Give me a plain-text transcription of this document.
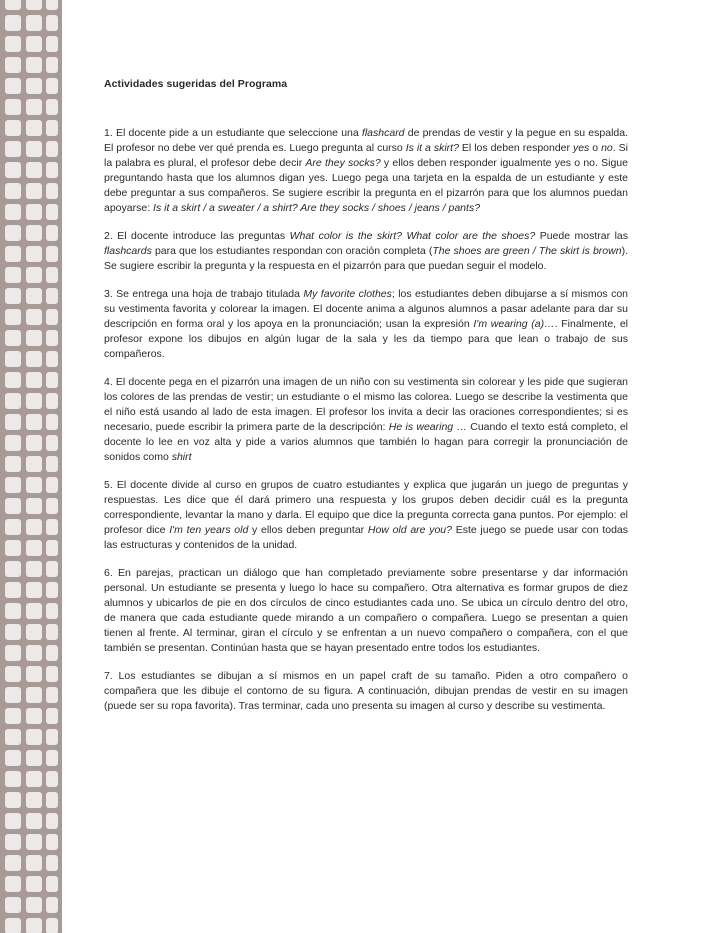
Actividades sugeridas del Programa

1. El docente pide a un estudiante que seleccione una flashcard de prendas de vestir y la pegue en su espalda. El profesor no debe ver qué prenda es. Luego pregunta al curso Is it a skirt? El los deben responder yes o no. Si la palabra es plural, el profesor debe decir Are they socks? y ellos deben responder igualmente yes o no. Sigue preguntando hasta que los alumnos digan yes. Luego pega una tarjeta en la espalda de un estudiante y este debe preguntar a sus compañeros. Se sugiere escribir la pregunta en el pizarrón para que los alumnos puedan apoyarse: Is it a skirt / a sweater / a shirt? Are they socks / shoes / jeans / pants?

2. El docente introduce las preguntas What color is the skirt? What color are the shoes? Puede mostrar las flashcards para que los estudiantes respondan con oración completa (The shoes are green / The skirt is brown). Se sugiere escribir la pregunta y la respuesta en el pizarrón para que puedan seguir el modelo.

3. Se entrega una hoja de trabajo titulada My favorite clothes; los estudiantes deben dibujarse a sí mismos con su vestimenta favorita y colorear la imagen. El docente anima a algunos alumnos a pasar adelante para dar su descripción en forma oral y los apoya en la pronunciación; usan la expresión I'm wearing (a)…. Finalmente, el profesor expone los dibujos en algún lugar de la sala y les da tiempo para que lean o trabajo de sus compañeros.

4. El docente pega en el pizarrón una imagen de un niño con su vestimenta sin colorear y les pide que sugieran los colores de las prendas de vestir; un estudiante o el mismo las colorea. Luego se describe la vestimenta que el niño está usando al lado de esta imagen. El profesor los invita a decir las oraciones correspondientes; si es necesario, puede escribir la primera parte de la descripción: He is wearing … Cuando el texto está completo, el docente lo lee en voz alta y pide a varios alumnos que también lo hagan para corregir la pronunciación de sonidos como shirt

5. El docente divide al curso en grupos de cuatro estudiantes y explica que jugarán un juego de preguntas y respuestas. Les dice que él dará primero una respuesta y los grupos deben decidir cuál es la pregunta correspondiente, levantar la mano y darla. El equipo que dice la pregunta correcta gana puntos. Por ejemplo: el profesor dice I'm ten years old y ellos deben preguntar How old are you? Este juego se puede usar con todas las estructuras y contenidos de la unidad.

6. En parejas, practican un diálogo que han completado previamente sobre presentarse y dar información personal. Un estudiante se presenta y luego lo hace su compañero. Otra alternativa es formar grupos de diez alumnos y ubicarlos de pie en dos círculos de cinco estudiantes cada uno. Se ubica un círculo dentro del otro, de manera que cada estudiante quede mirando a un compañero o compañera. Luego se presentan a quien tienen al frente. Al terminar, giran el círculo y se enfrentan a un nuevo compañero o compañera, con el que también se presentan. Continúan hasta que se hayan presentado entre todos los estudiantes.

7. Los estudiantes se dibujan a sí mismos en un papel craft de su tamaño. Piden a otro compañero o compañera que les dibuje el contorno de su figura. A continuación, dibujan prendas de vestir en su imagen (puede ser su ropa favorita). Tras terminar, cada uno presenta su imagen al curso y describe su vestimenta.
